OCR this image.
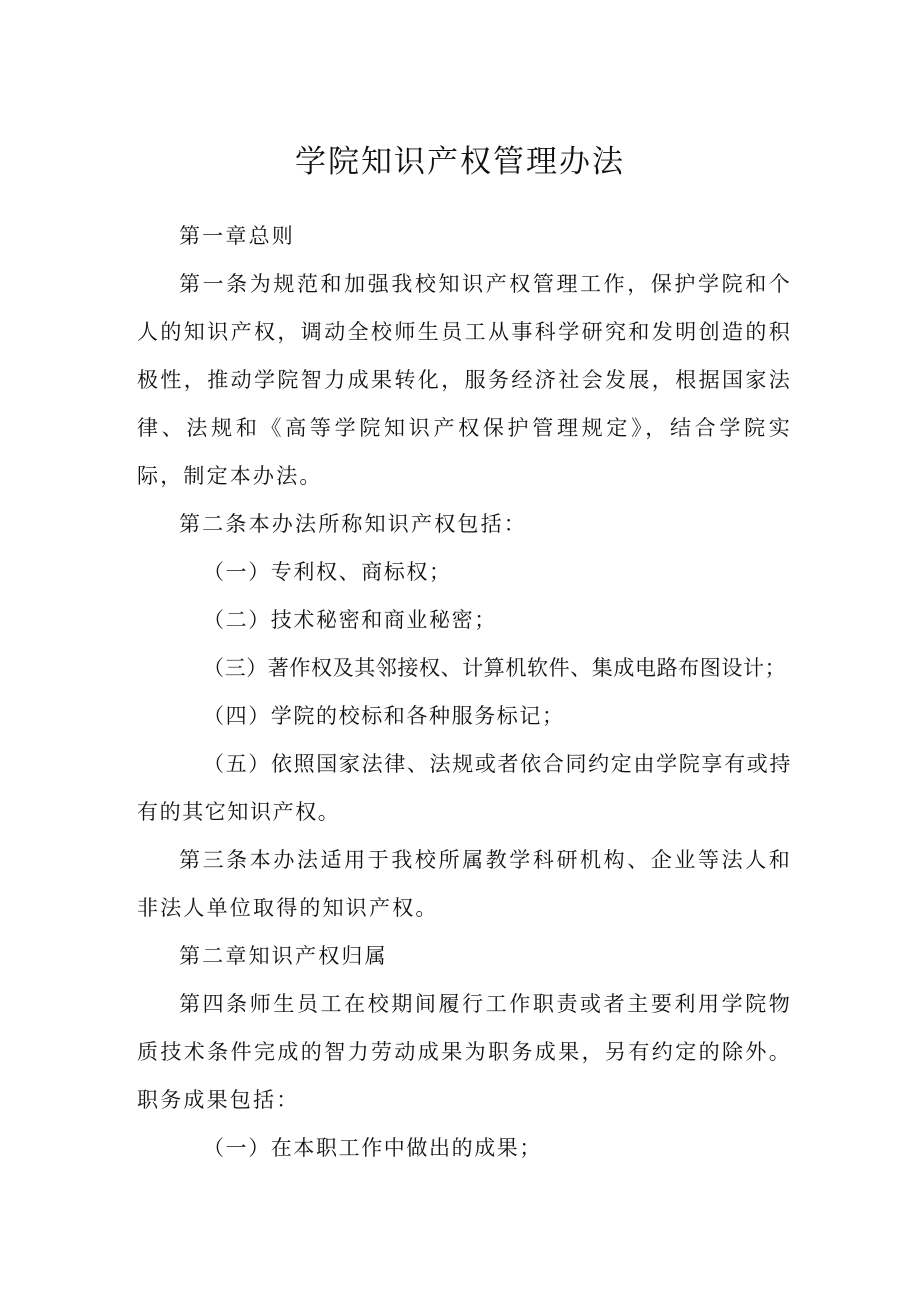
学院知识产权管理办法

第一章总则

第一条为规范和加强我校知识产权管理工作，保护学院和个人的知识产权，调动全校师生员工从事科学研究和发明创造的积极性，推动学院智力成果转化，服务经济社会发展，根据国家法律、法规和《高等学院知识产权保护管理规定》，结合学院实际，制定本办法。

第二条本办法所称知识产权包括：

（一）专利权、商标权；

（二）技术秘密和商业秘密；

（三）著作权及其邻接权、计算机软件、集成电路布图设计；

（四）学院的校标和各种服务标记；

（五）依照国家法律、法规或者依合同约定由学院享有或持有的其它知识产权。

第三条本办法适用于我校所属教学科研机构、企业等法人和非法人单位取得的知识产权。

第二章知识产权归属

第四条师生员工在校期间履行工作职责或者主要利用学院物质技术条件完成的智力劳动成果为职务成果，另有约定的除外。职务成果包括：

（一）在本职工作中做出的成果；
